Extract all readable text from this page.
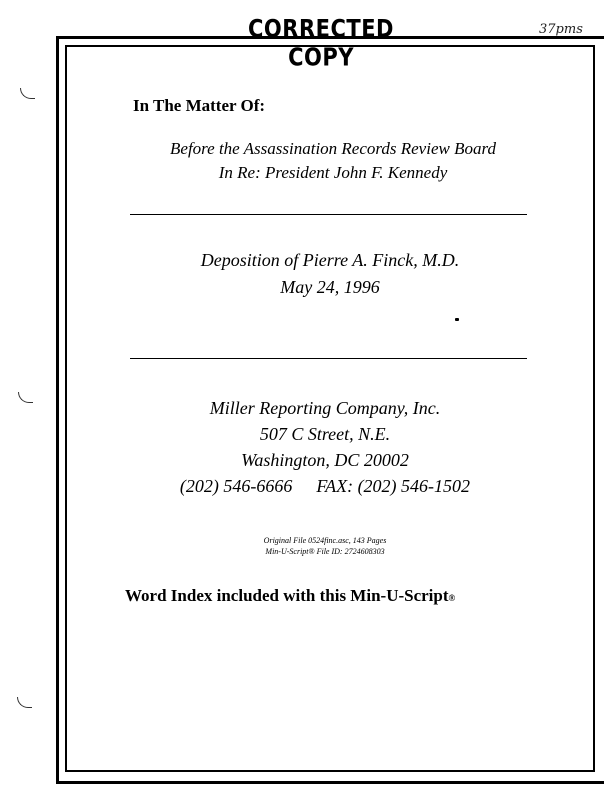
CORRECTED COPY
37pms
In The Matter Of:
Before the Assassination Records Review Board
In Re: President John F. Kennedy
Deposition of Pierre A. Finck, M.D.
May 24, 1996
Miller Reporting Company, Inc.
507 C Street, N.E.
Washington, DC 20002
(202) 546-6666 FAX: (202) 546-1502
Original File 0524finc.asc, 143 Pages
Min-U-Script® File ID: 2724608303
Word Index included with this Min-U-Script®
